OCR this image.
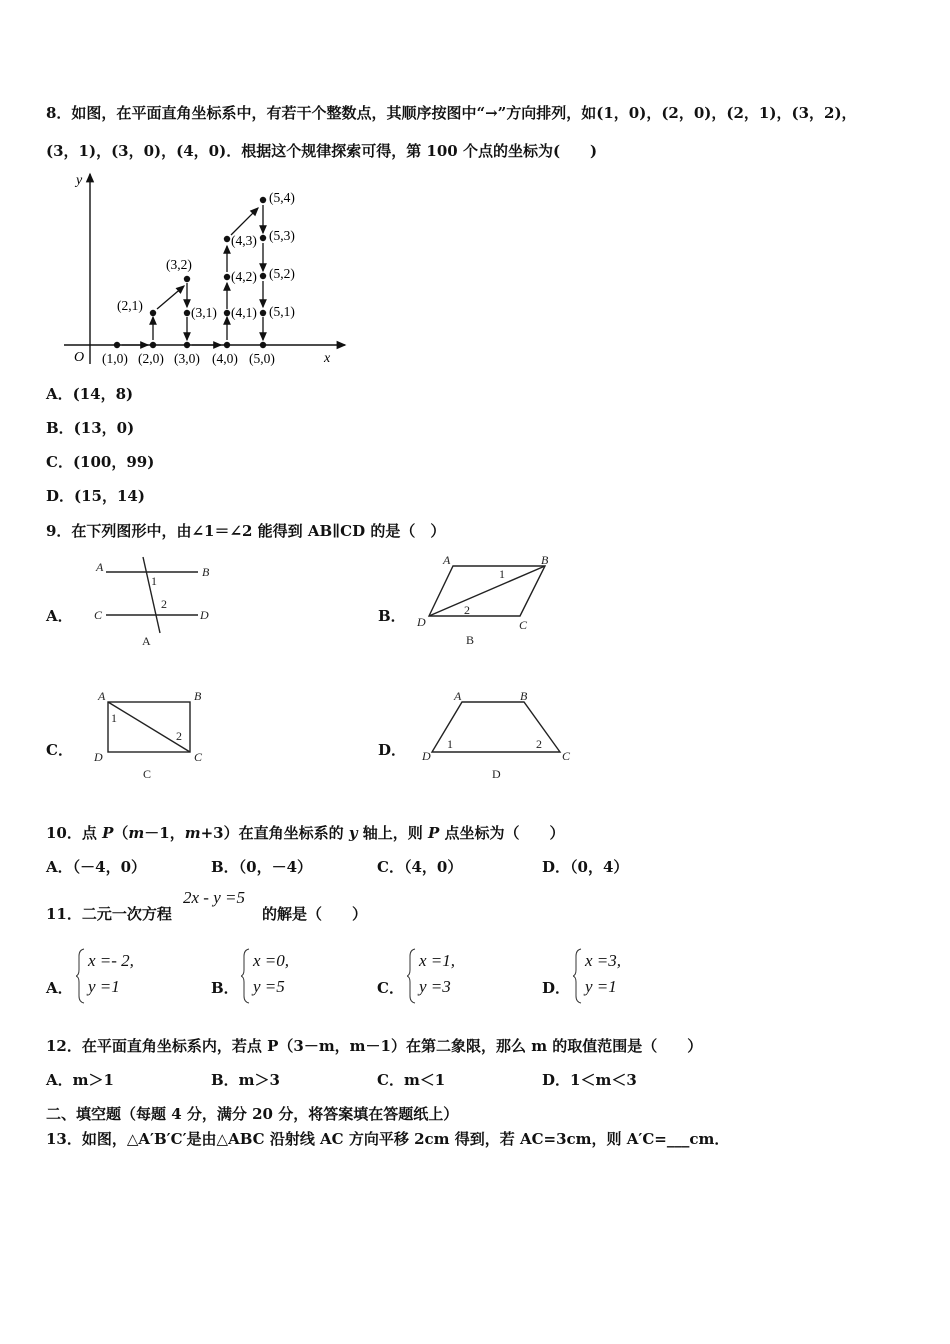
8．如图，在平面直角坐标系中，有若干个整数点，其顺序按图中“→”方向排列，如(1，0)，(2，0)，(2，1)，(3，2)，
(3，1)，(3，0)，(4，0)．根据这个规律探索可得，第 100 个点的坐标为(　　)
y
x
O (1,0) (2,0) (3,0) (4,0) (5,0)
(2,1)
(3,2)
(3,1) (4,1)
(4,2)
(4,3)
(5,1)
(5,2)
(5,3)
(5,4)
A．(14，8)
B．(13，0)
C．(100，99)
D．(15，14)
9．在下列图形中，由∠1＝∠2 能得到 AB∥CD 的是（　）
A．
A	B
C	D
1
2
A
B．
A	B
C
D
1
2
B
C．
A	B
C
D
1
2
C
D．
A	B
C
D
1	2
D
10．点 P（m－1，m+3）在直角坐标系的 y 轴上，则 P 点坐标为（　　）
A．（－4，0）	B．（0，－4）	C．（4，0）	D．（0，4）
11．二元一次方程
2x - y =5
的解是（　　）
A．
x =- 2,
y =1	B．
x =0,
y =5	C．
x =1,
y =3	D．
x =3,
y =1
12．在平面直角坐标系内，若点 P（3－m，m－1）在第二象限，那么 m 的取值范围是（　　）
A．m＞1	B．m＞3	C．m＜1	D．1＜m＜3
二、填空题（每题 4 分，满分 20 分，将答案填在答题纸上）
13．如图，△A′B′C′是由△ABC 沿射线 AC 方向平移 2cm 得到，若 AC=3cm，则 A′C=___cm．
